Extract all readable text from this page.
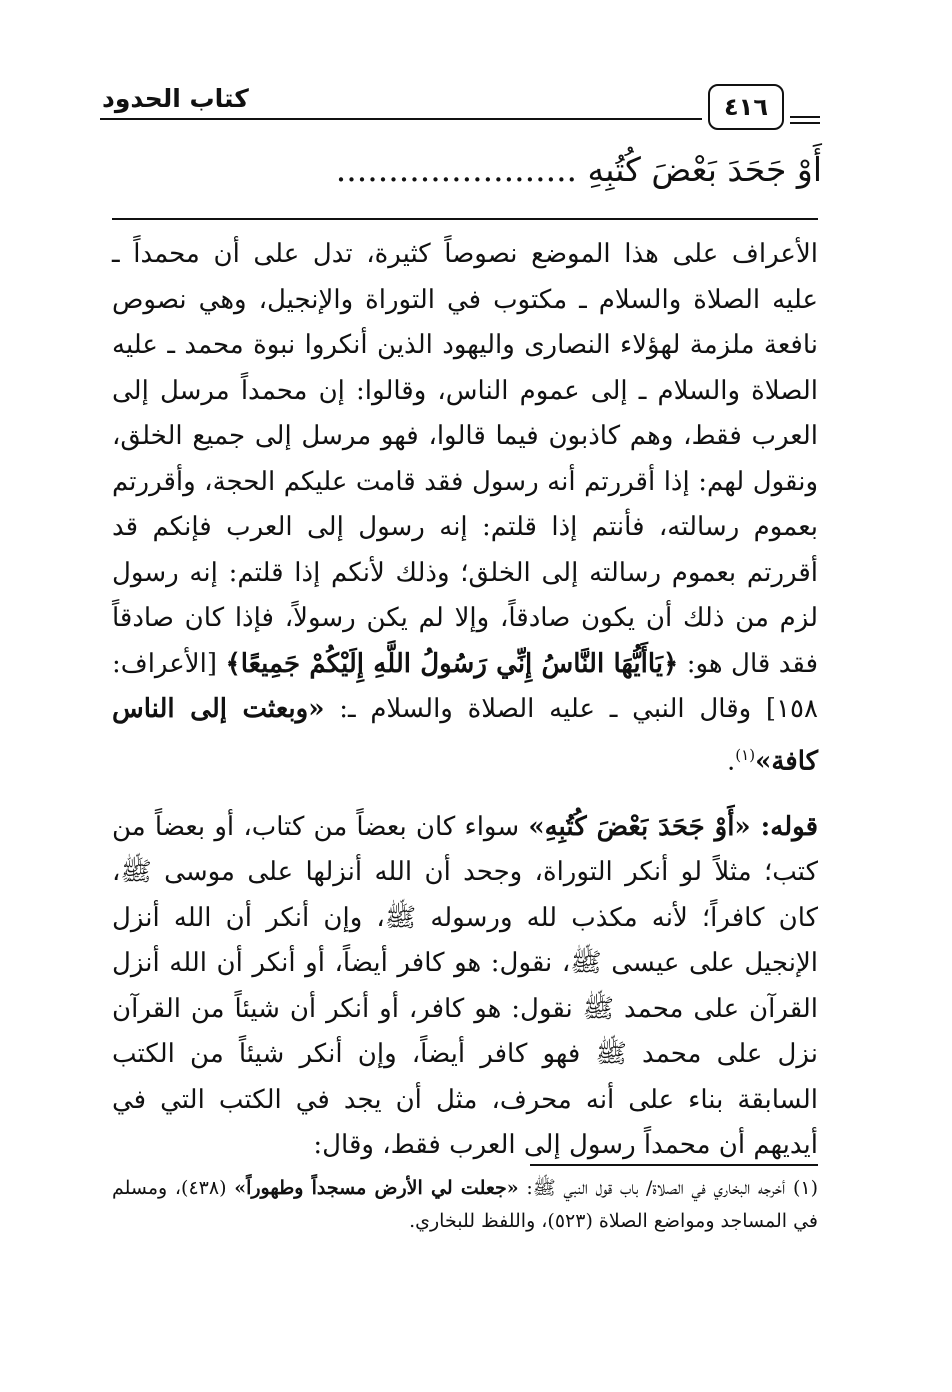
كتاب الحدود	٤١٦
أَوْ جَحَدَ بَعْضَ كُتُبِهِ .......................

الأعراف على هذا الموضع نصوصاً كثيرة، تدل على أن محمداً ـ عليه الصلاة والسلام ـ مكتوب في التوراة والإنجيل، وهي نصوص نافعة ملزمة لهؤلاء النصارى واليهود الذين أنكروا نبوة محمد ـ عليه الصلاة والسلام ـ إلى عموم الناس، وقالوا: إن محمداً مرسل إلى العرب فقط، وهم كاذبون فيما قالوا، فهو مرسل إلى جميع الخلق، ونقول لهم: إذا أقررتم أنه رسول فقد قامت عليكم الحجة، وأقررتم بعموم رسالته، فأنتم إذا قلتم: إنه رسول إلى العرب فإنكم قد أقررتم بعموم رسالته إلى الخلق؛ وذلك لأنكم إذا قلتم: إنه رسول لزم من ذلك أن يكون صادقاً، وإلا لم يكن رسولاً، فإذا كان صادقاً فقد قال هو: ﴿يَاأَيُّهَا النَّاسُ إِنِّي رَسُولُ اللَّهِ إِلَيْكُمْ جَمِيعًا﴾ [الأعراف: ١٥٨] وقال النبي ـ عليه الصلاة والسلام ـ: «وبعثت إلى الناس كافة»$^{(١)}$.

قوله: «أَوْ جَحَدَ بَعْضَ كُتُبِهِ» سواء كان بعضاً من كتاب، أو بعضاً من كتب؛ مثلاً لو أنكر التوراة، وجحد أن الله أنزلها على موسى ﷺ، كان كافراً؛ لأنه مكذب لله ورسوله ﷺ، وإن أنكر أن الله أنزل الإنجيل على عيسى ﷺ، نقول: هو كافر أيضاً، أو أنكر أن الله أنزل القرآن على محمد ﷺ نقول: هو كافر، أو أنكر أن شيئاً من القرآن نزل على محمد ﷺ فهو كافر أيضاً، وإن أنكر شيئاً من الكتب السابقة بناء على أنه محرف، مثل أن يجد في الكتب التي في أيديهم أن محمداً رسول إلى العرب فقط، وقال:

(١) أخرجه البخاري في الصلاة/ باب قول النبي ﷺ: «جعلت لي الأرض مسجداً وطهوراً» (٤٣٨)، ومسلم في المساجد ومواضع الصلاة (٥٢٣)، واللفظ للبخاري.
